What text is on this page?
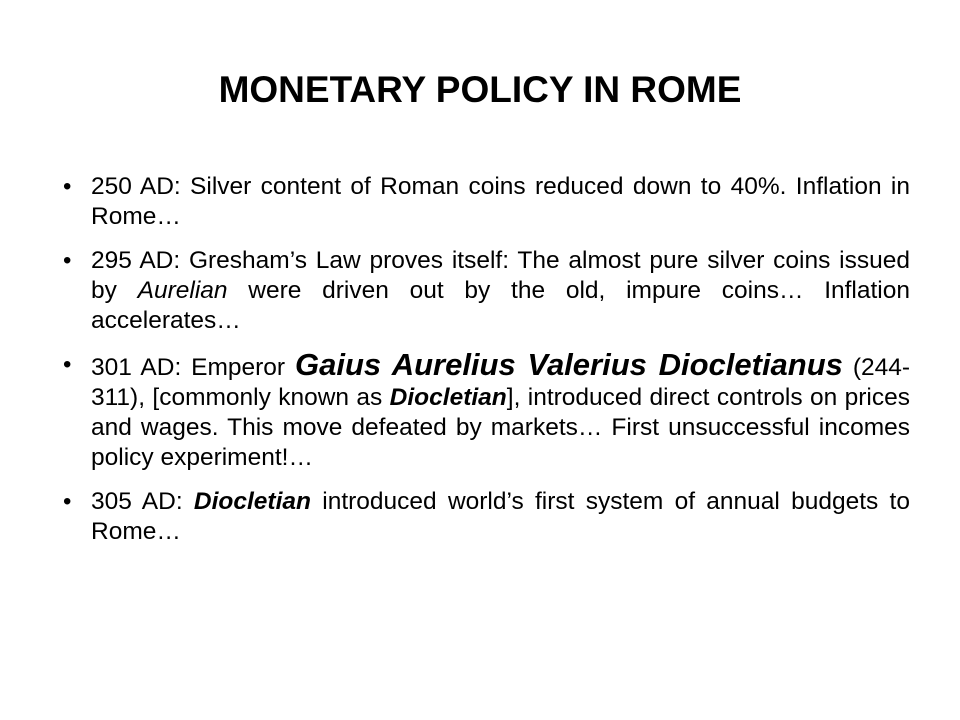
MONETARY POLICY IN ROME
• 250 AD: Silver content of Roman coins reduced down to 40%. Inflation in Rome…
• 295 AD: Gresham’s Law proves itself: The almost pure silver coins issued by Aurelian were driven out by the old, impure coins… Inflation accelerates…
• 301 AD: Emperor Gaius Aurelius Valerius Diocletianus (244-311), [commonly known as Diocletian], introduced direct controls on prices and wages. This move defeated by markets… First unsuccessful incomes policy experiment!…
• 305 AD: Diocletian introduced world’s first system of annual budgets to Rome…
